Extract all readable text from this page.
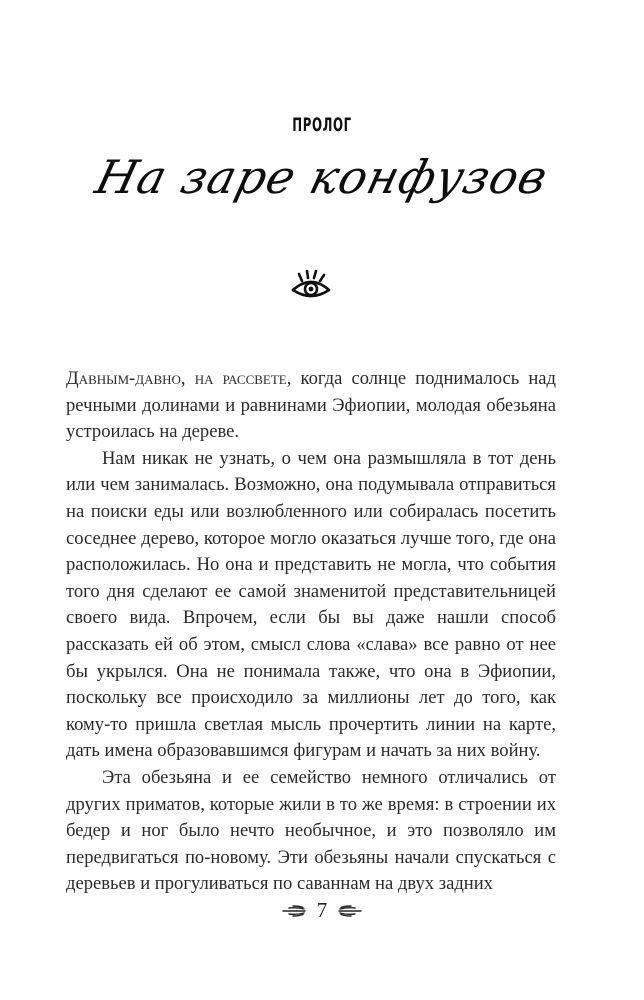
ПРОЛОГ
На заре конфузов

Давным-давно, на рассвете, когда солнце поднималось над речными долинами и равнинами Эфиопии, молодая обезьяна устроилась на дереве.

Нам никак не узнать, о чем она размышляла в тот день или чем занималась. Возможно, она подумывала отправиться на поиски еды или возлюбленного или собиралась посетить соседнее дерево, которое могло оказаться лучше того, где она расположилась. Но она и представить не могла, что события того дня сделают ее самой знаменитой представительницей своего вида. Впрочем, если бы вы даже нашли способ рассказать ей об этом, смысл слова «слава» все равно от нее бы укрылся. Она не понимала также, что она в Эфиопии, поскольку все происходило за миллионы лет до того, как кому-то пришла светлая мысль прочертить линии на карте, дать имена образовавшимся фигурам и начать за них войну.

Эта обезьяна и ее семейство немного отличались от других приматов, которые жили в то же время: в строении их бедер и ног было нечто необычное, и это позволяло им передвигаться по-новому. Эти обезьяны начали спускаться с деревьев и прогуливаться по саваннам на двух задних

7
